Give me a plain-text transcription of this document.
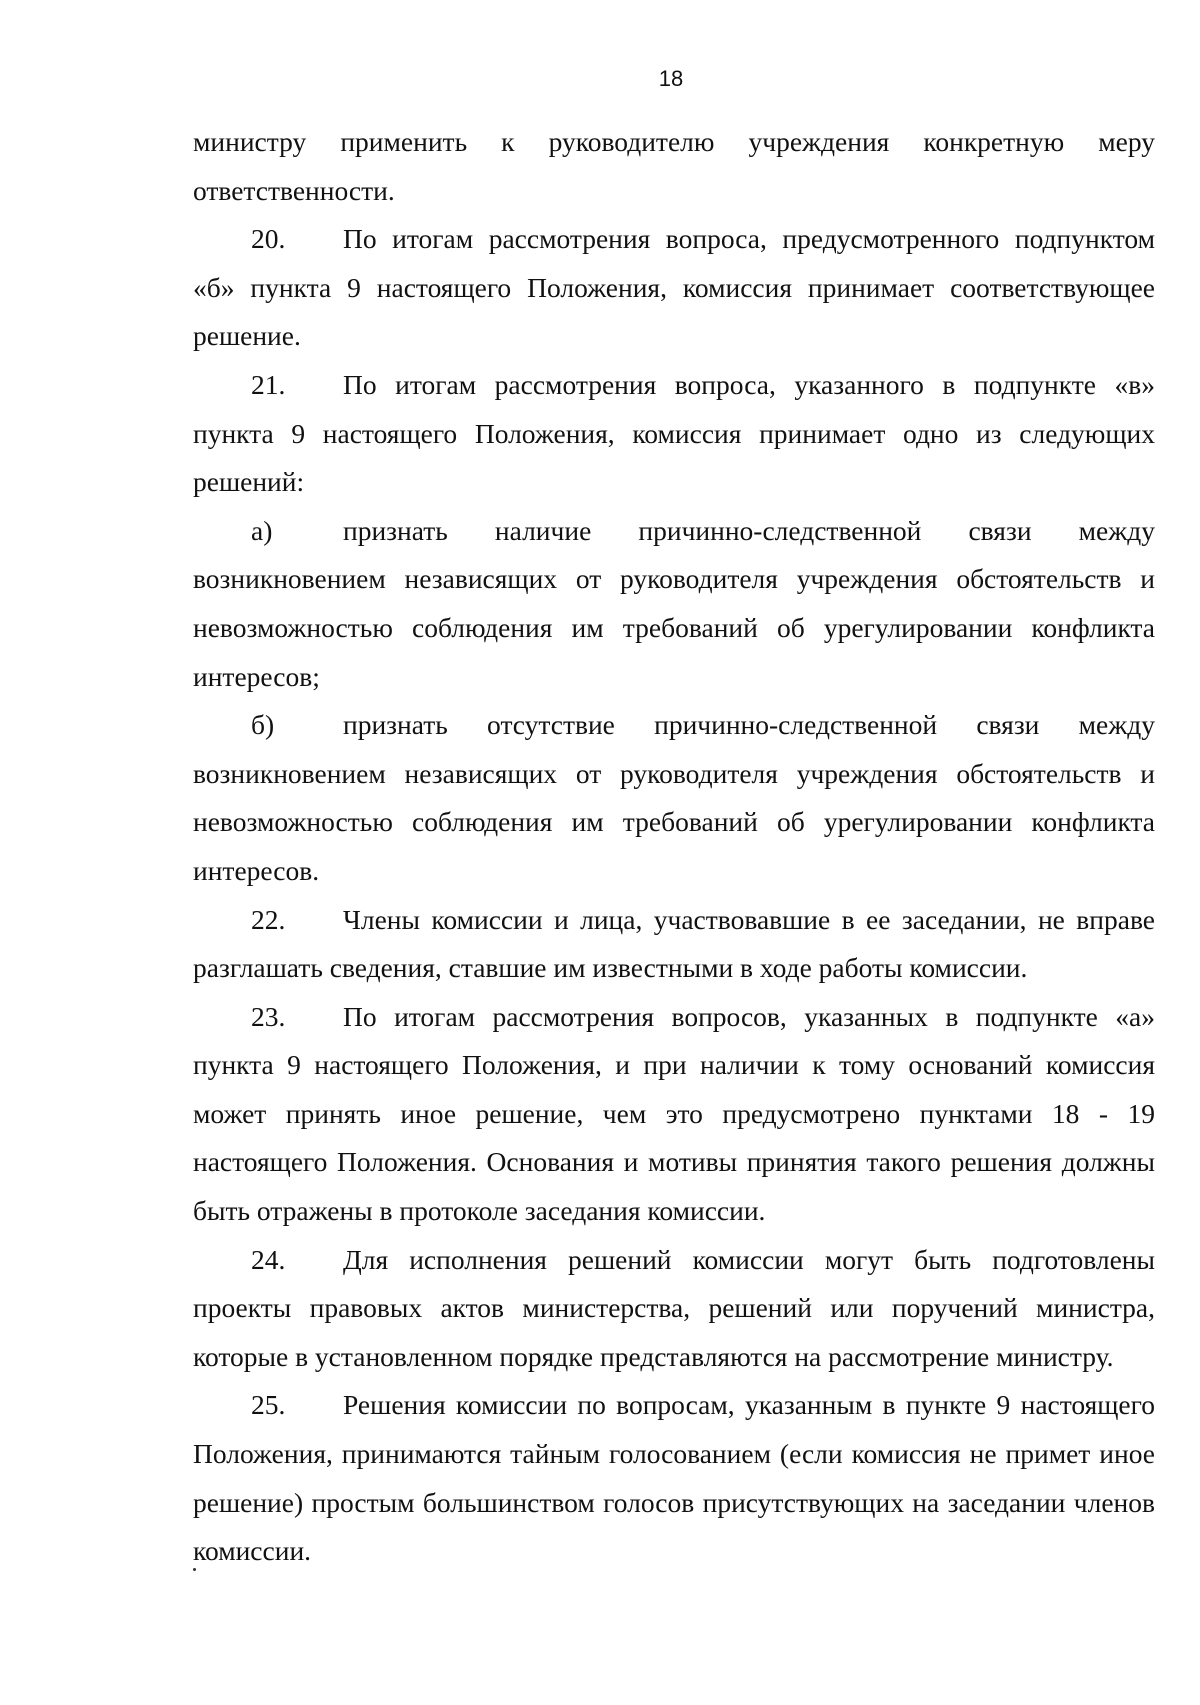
18

министру применить к руководителю учреждения конкретную меру ответственности.

20. По итогам рассмотрения вопроса, предусмотренного подпунктом «б» пункта 9 настоящего Положения, комиссия принимает соответствующее решение.

21. По итогам рассмотрения вопроса, указанного в подпункте «в» пункта 9 настоящего Положения, комиссия принимает одно из следующих решений:

а)	признать наличие причинно-следственной связи между возникновением независящих от руководителя учреждения обстоятельств и невозможностью соблюдения им требований об урегулировании конфликта интересов;

б)	признать отсутствие причинно-следственной связи между возникновением независящих от руководителя учреждения обстоятельств и невозможностью соблюдения им требований об урегулировании конфликта интересов.

22. Члены комиссии и лица, участвовавшие в ее заседании, не вправе разглашать сведения, ставшие им известными в ходе работы комиссии.

23. По итогам рассмотрения вопросов, указанных в подпункте «а» пункта 9 настоящего Положения, и при наличии к тому оснований комиссия может принять иное решение, чем это предусмотрено пунктами 18 - 19 настоящего Положения. Основания и мотивы принятия такого решения должны быть отражены в протоколе заседания комиссии.

24. Для исполнения решений комиссии могут быть подготовлены проекты правовых актов министерства, решений или поручений министра, которые в установленном порядке представляются на рассмотрение министру.

25. Решения комиссии по вопросам, указанным в пункте 9 настоящего Положения, принимаются тайным голосованием (если комиссия не примет иное решение) простым большинством голосов присутствующих на заседании членов комиссии.
